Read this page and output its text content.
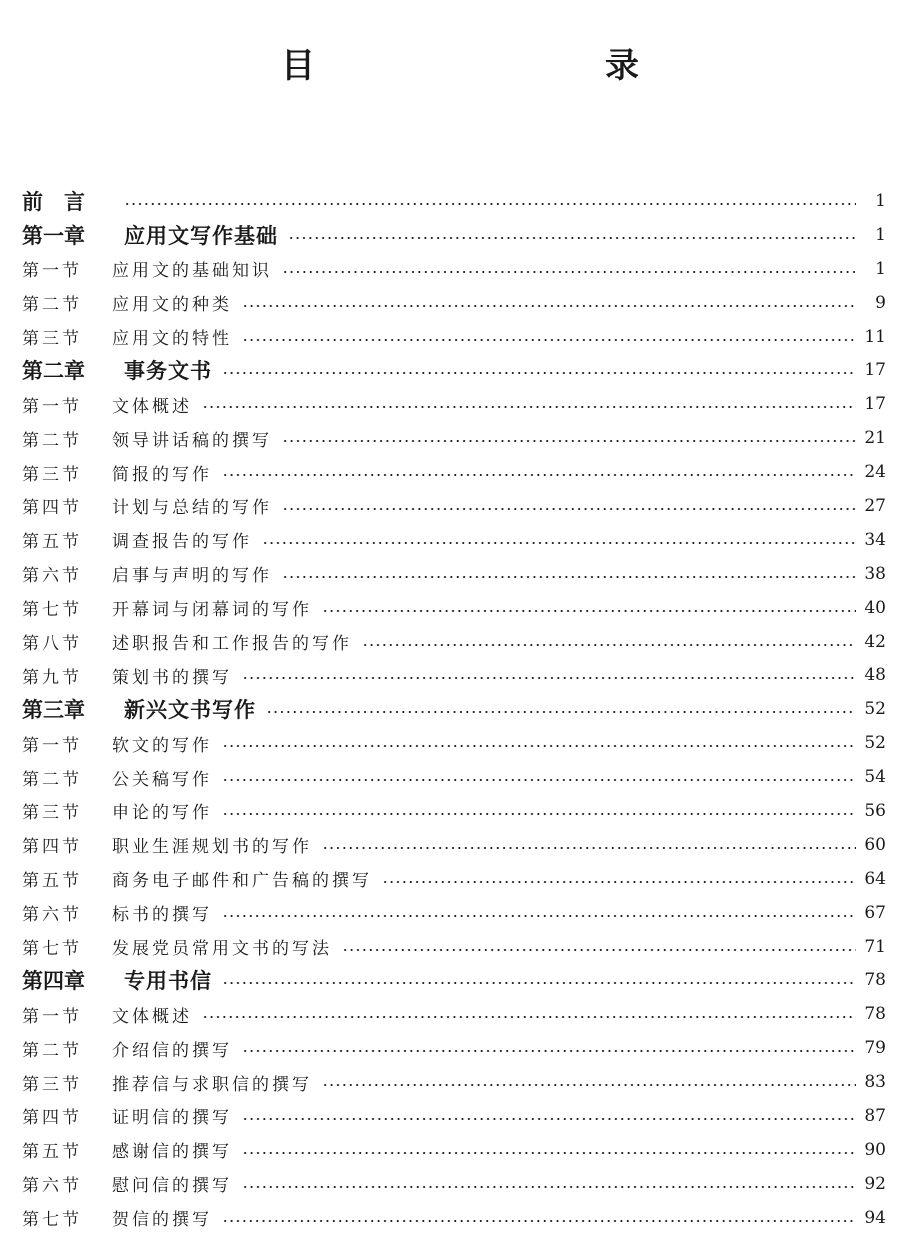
目　　录
前　言	1
第一章	应用文写作基础	1
第一节	应用文的基础知识	1
第二节	应用文的种类	9
第三节	应用文的特性	11
第二章	事务文书	17
第一节	文体概述	17
第二节	领导讲话稿的撰写	21
第三节	简报的写作	24
第四节	计划与总结的写作	27
第五节	调查报告的写作	34
第六节	启事与声明的写作	38
第七节	开幕词与闭幕词的写作	40
第八节	述职报告和工作报告的写作	42
第九节	策划书的撰写	48
第三章	新兴文书写作	52
第一节	软文的写作	52
第二节	公关稿写作	54
第三节	申论的写作	56
第四节	职业生涯规划书的写作	60
第五节	商务电子邮件和广告稿的撰写	64
第六节	标书的撰写	67
第七节	发展党员常用文书的写法	71
第四章	专用书信	78
第一节	文体概述	78
第二节	介绍信的撰写	79
第三节	推荐信与求职信的撰写	83
第四节	证明信的撰写	87
第五节	感谢信的撰写	90
第六节	慰问信的撰写	92
第七节	贺信的撰写	94
